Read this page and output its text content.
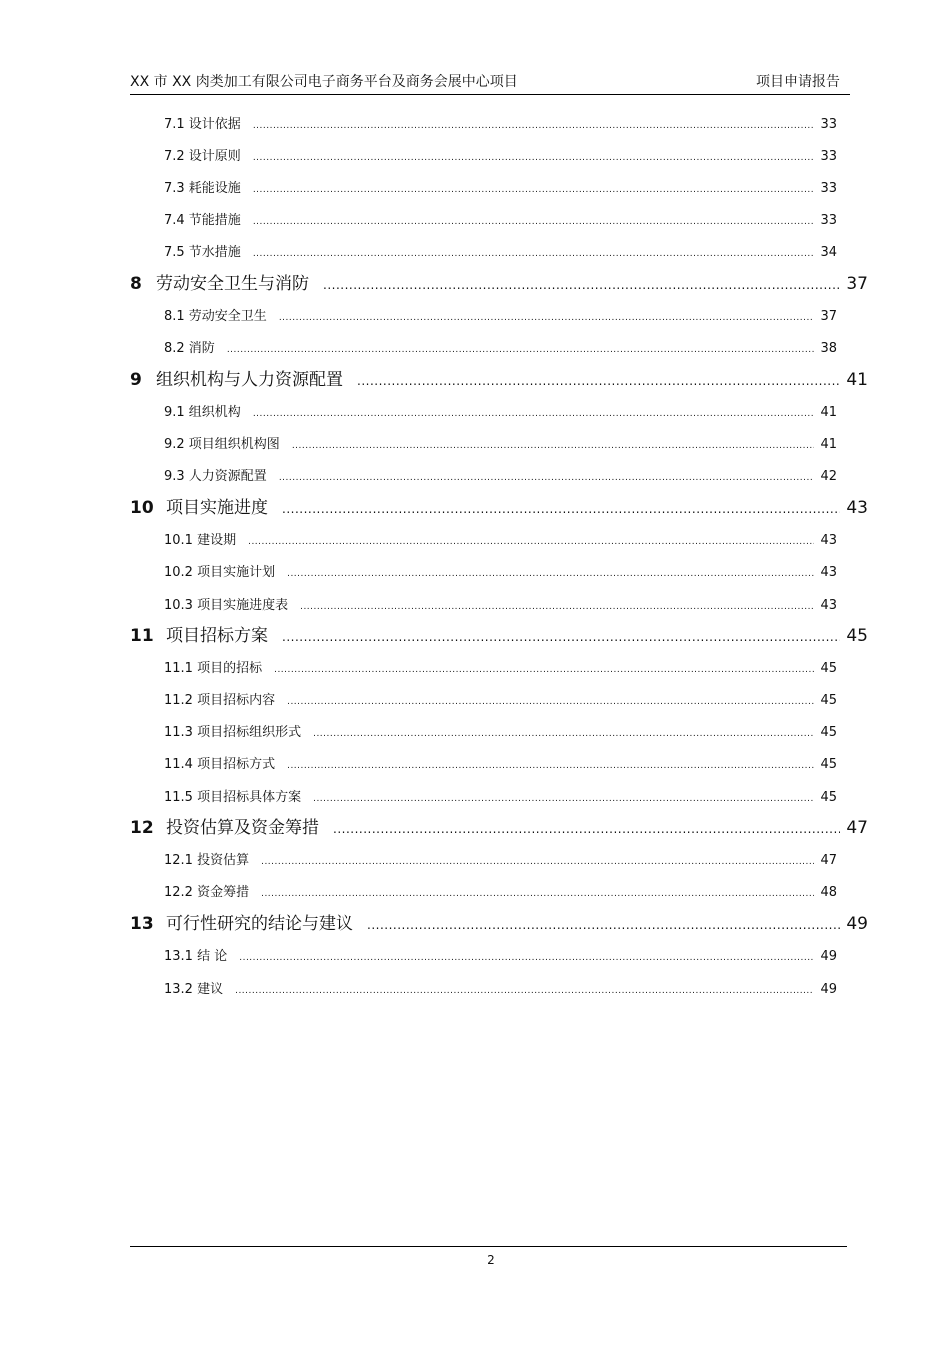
XX 市 XX 肉类加工有限公司电子商务平台及商务会展中心项目	项目申请报告
7.1 设计依据 .....	33
7.2 设计原则 .....	33
7.3 耗能设施 .....	33
7.4 节能措施 .....	33
7.5 节水措施 .....	34
8 劳动安全卫生与消防 .....	37
8.1 劳动安全卫生 .....	37
8.2 消防 .....	38
9 组织机构与人力资源配置 .....	41
9.1 组织机构 .....	41
9.2 项目组织机构图 .....	41
9.3 人力资源配置 .....	42
10 项目实施进度 .....	43
10.1 建设期 .....	43
10.2 项目实施计划 .....	43
10.3 项目实施进度表 .....	43
11 项目招标方案 .....	45
11.1 项目的招标 .....	45
11.2 项目招标内容 .....	45
11.3 项目招标组织形式 .....	45
11.4 项目招标方式 .....	45
11.5 项目招标具体方案 .....	45
12 投资估算及资金筹措 .....	47
12.1 投资估算 .....	47
12.2 资金筹措 .....	48
13 可行性研究的结论与建议 .....	49
13.1 结 论 .....	49
13.2 建议 .....	49
2
